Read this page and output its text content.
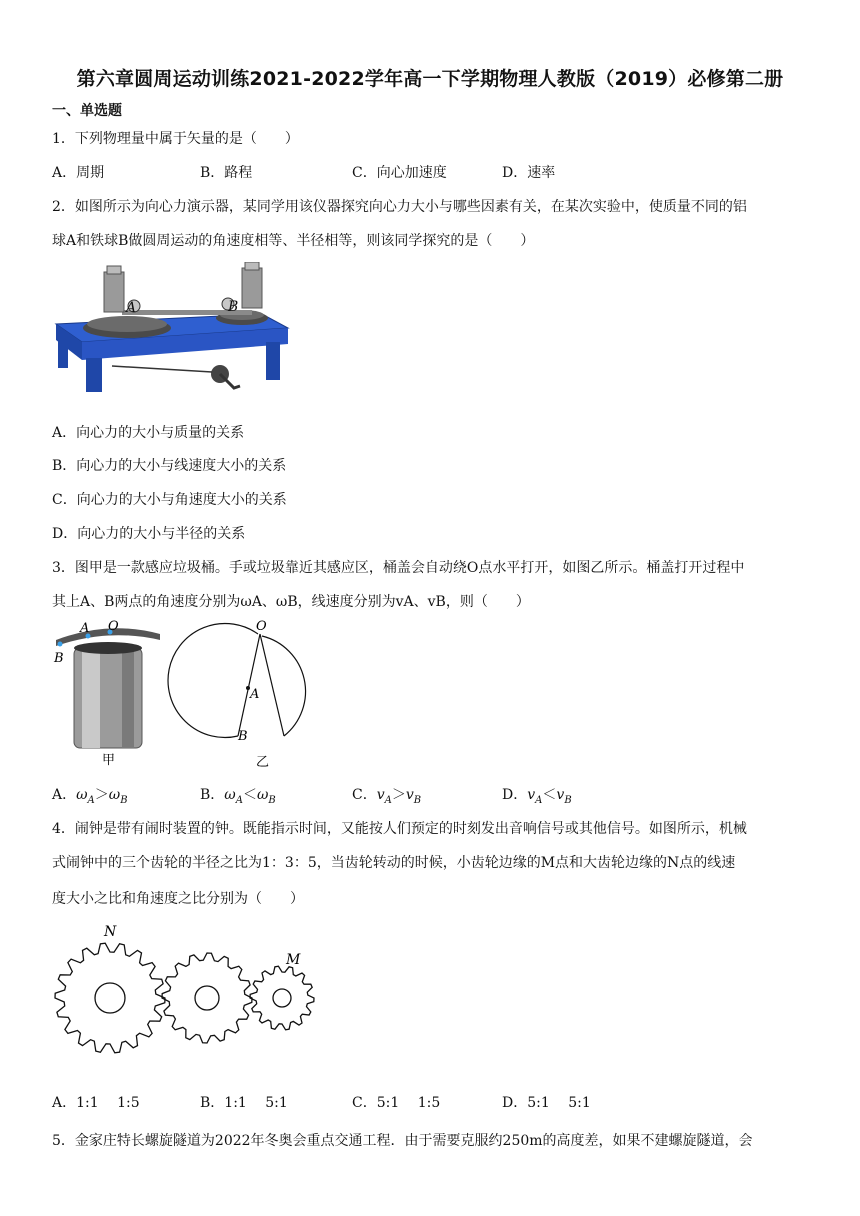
第六章圆周运动训练2021-2022学年高一下学期物理人教版（2019）必修第二册
一、单选题
1．下列物理量中属于矢量的是（　　）
A．周期	B．路程	C．向心加速度	D．速率
2．如图所示为向心力演示器，某同学用该仪器探究向心力大小与哪些因素有关，在某次实验中，使质量不同的铝
球A和铁球B做圆周运动的角速度相等、半径相等，则该同学探究的是（　　）
A	B
A．向心力的大小与质量的关系
B．向心力的大小与线速度大小的关系
C．向心力的大小与角速度大小的关系
D．向心力的大小与半径的关系
3．图甲是一款感应垃圾桶。手或垃圾靠近其感应区，桶盖会自动绕O点水平打开，如图乙所示。桶盖打开过程中
其上A、B两点的角速度分别为ωA、ωB，线速度分别为vA、vB，则（　　）
A O
B
甲
O
A
B
乙
A．$\omega_A>\omega_B$	B．$\omega_A<\omega_B$	C．$v_A>v_B$	D．$v_A<v_B$
4．闹钟是带有闹时装置的钟。既能指示时间，又能按人们预定的时刻发出音响信号或其他信号。如图所示，机械
式闹钟中的三个齿轮的半径之比为1：3：5，当齿轮转动的时候，小齿轮边缘的M点和大齿轮边缘的N点的线速
度大小之比和角速度之比分别为（　　）
N
M
A．1:1　 1:5	B．1:1　 5:1	C．5:1　 1:5	D．5:1　 5:1
5．金家庄特长螺旋隧道为2022年冬奥会重点交通工程．由于需要克服约250m的高度差，如果不建螺旋隧道，会
